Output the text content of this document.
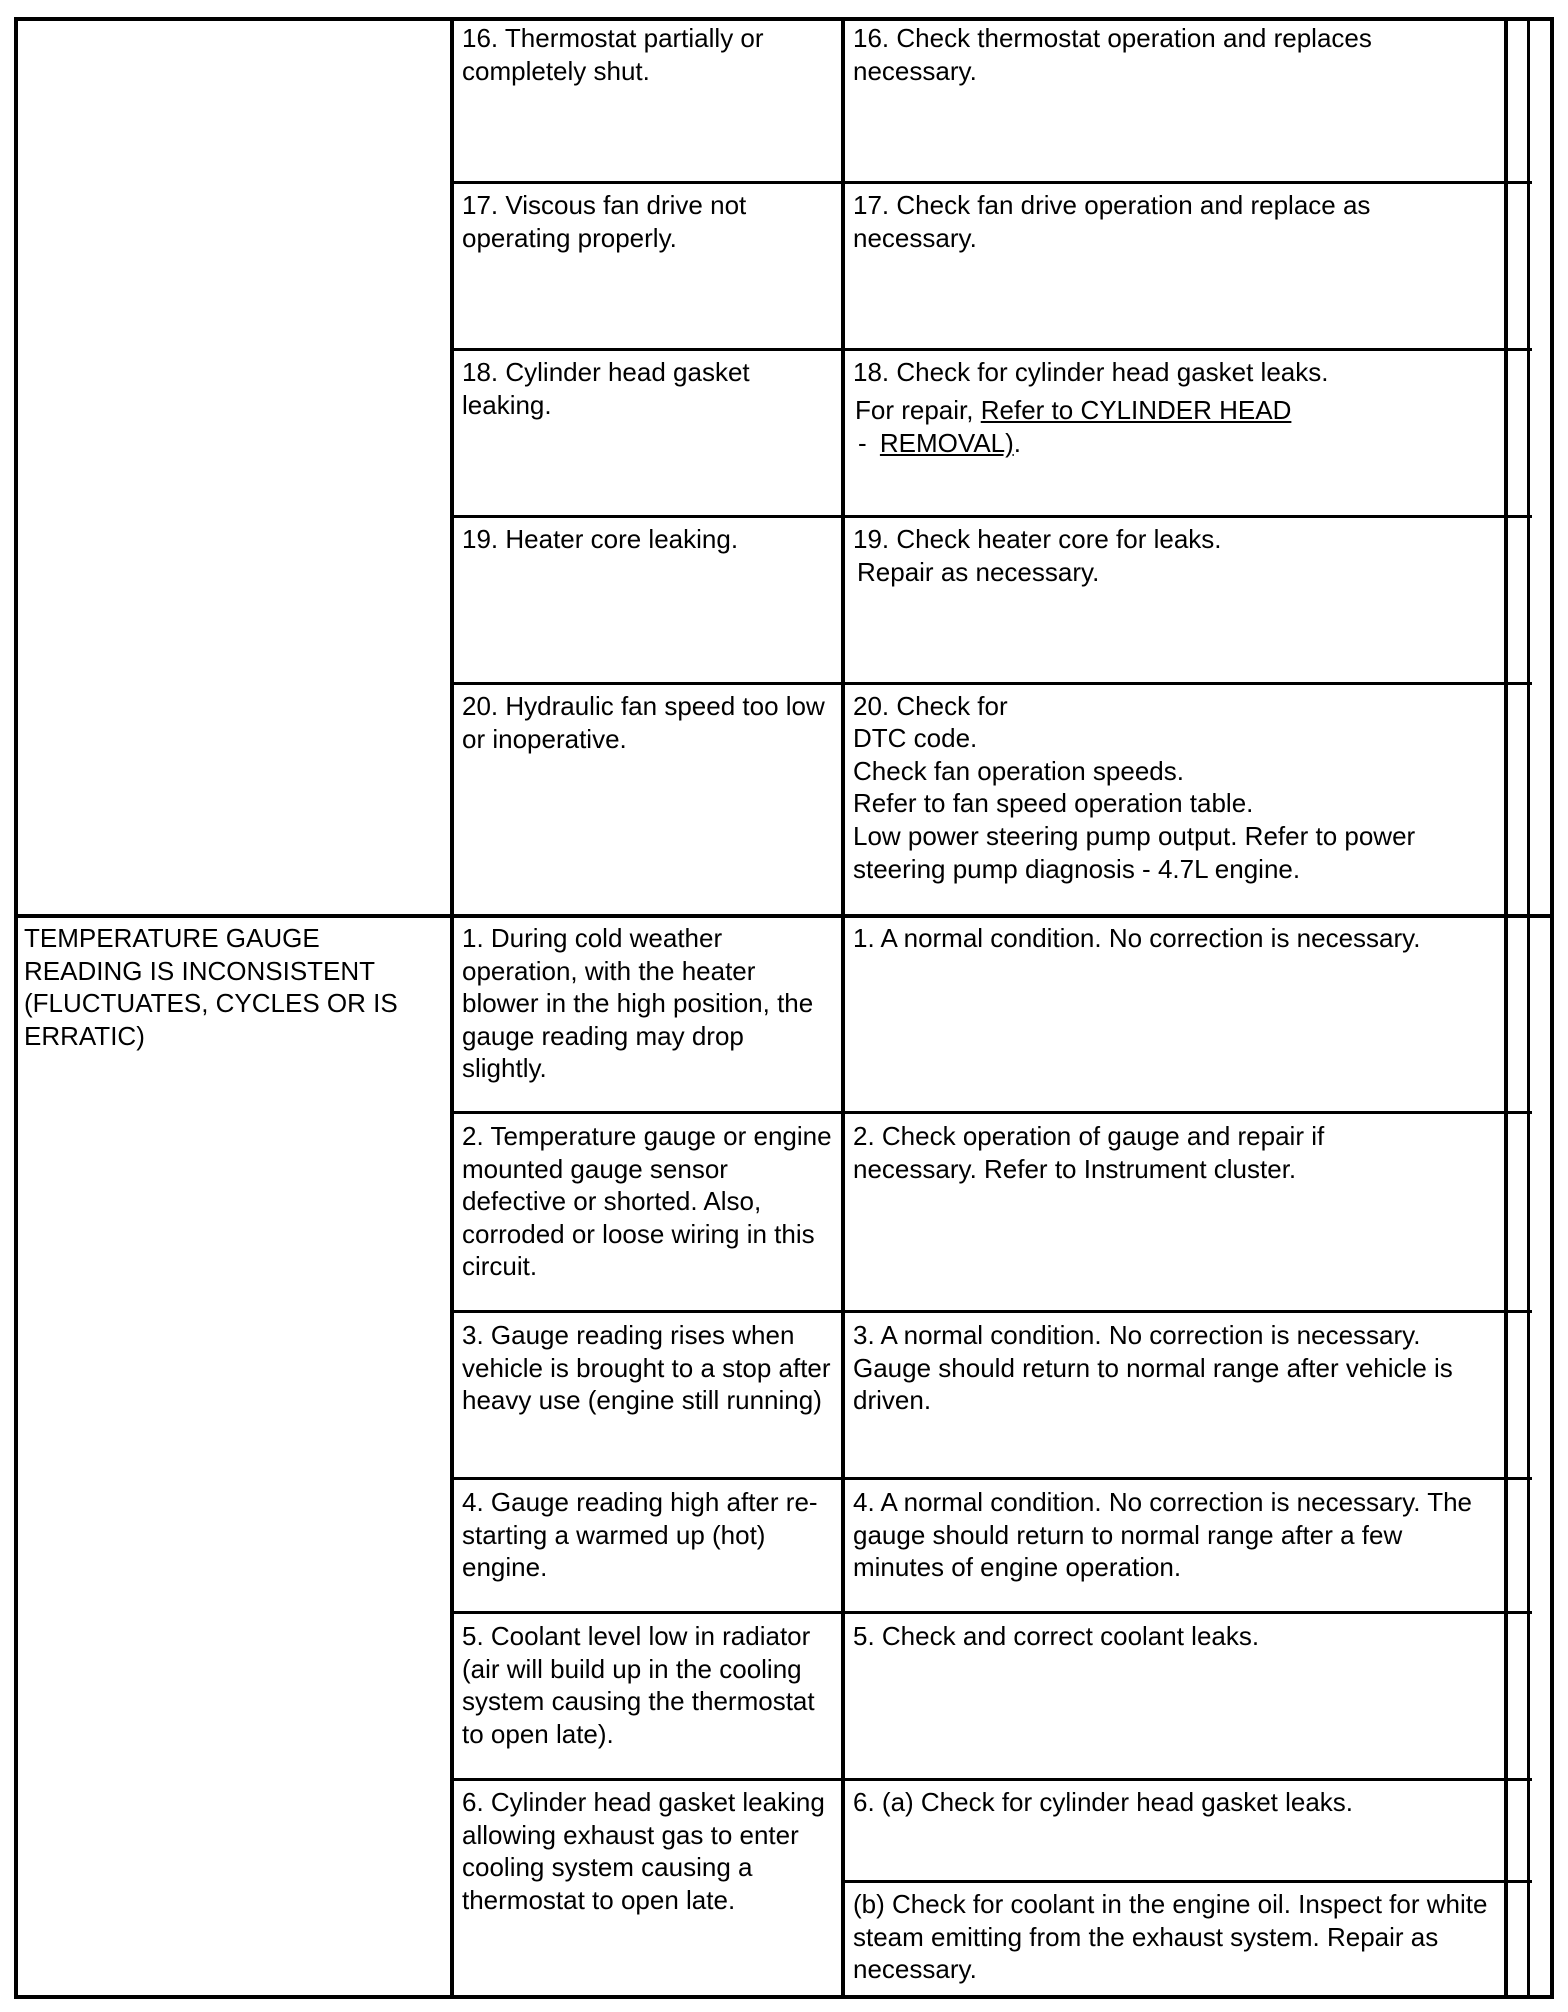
16. Thermostat partially or completely shut.
16. Check thermostat operation and replaces necessary.
17. Viscous fan drive not operating properly.
17. Check fan drive operation and replace as necessary.
18. Cylinder head gasket leaking.
18. Check for cylinder head gasket leaks.
For repair, Refer to CYLINDER HEAD
- REMOVAL).
19. Heater core leaking.	19. Check heater core for leaks.
Repair as necessary.
20. Hydraulic fan speed too low or inoperative.
20. Check for
DTC code.
Check fan operation speeds.
Refer to fan speed operation table.
Low power steering pump output. Refer to power steering pump diagnosis - 4.7L engine.
TEMPERATURE GAUGE READING IS INCONSISTENT (FLUCTUATES, CYCLES OR IS ERRATIC)
1. During cold weather operation, with the heater blower in the high position, the gauge reading may drop slightly.
1. A normal condition. No correction is necessary.
2. Temperature gauge or engine mounted gauge sensor defective or shorted. Also, corroded or loose wiring in this circuit.
2. Check operation of gauge and repair if necessary. Refer to Instrument cluster.
3. Gauge reading rises when vehicle is brought to a stop after heavy use (engine still running)
3. A normal condition. No correction is necessary. Gauge should return to normal range after vehicle is driven.
4. Gauge reading high after re-starting a warmed up (hot) engine.
4. A normal condition. No correction is necessary. The gauge should return to normal range after a few minutes of engine operation.
5. Coolant level low in radiator (air will build up in the cooling system causing the thermostat to open late).
5. Check and correct coolant leaks.
6. Cylinder head gasket leaking allowing exhaust gas to enter cooling system causing a thermostat to open late.
6. (a) Check for cylinder head gasket leaks.
(b) Check for coolant in the engine oil. Inspect for white steam emitting from the exhaust system. Repair as necessary.
